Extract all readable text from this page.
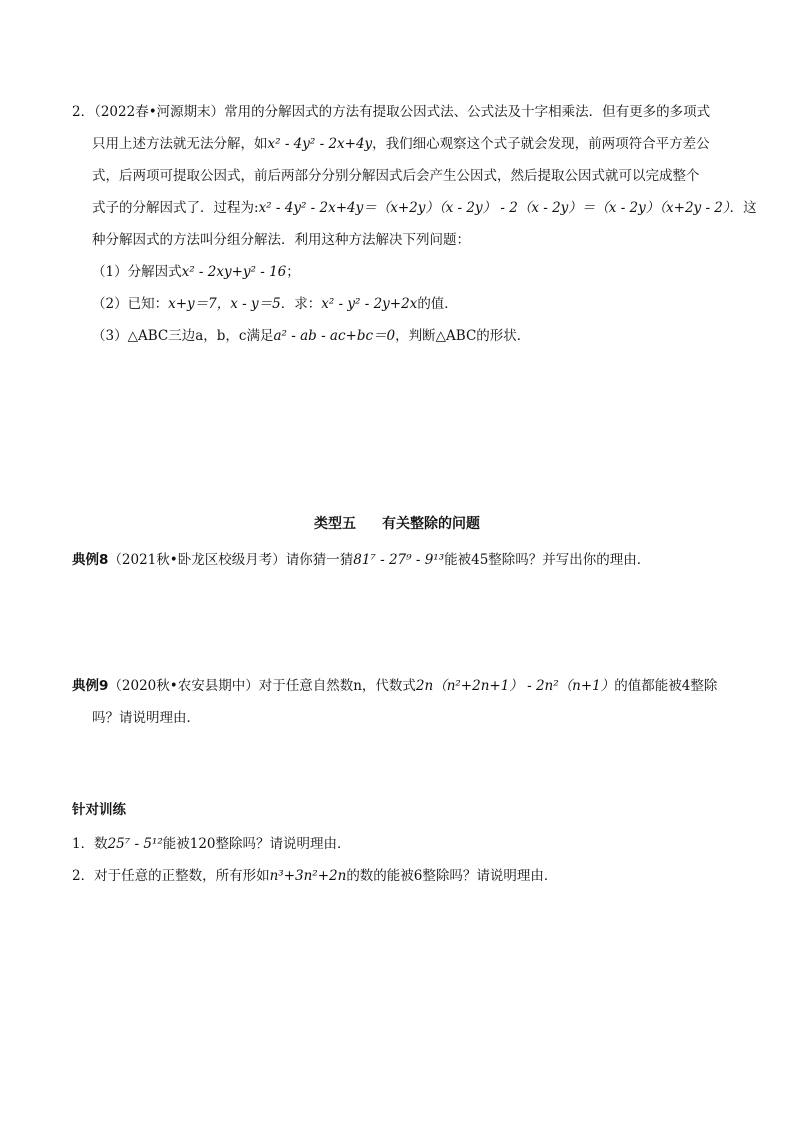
2．（2022春•河源期末）常用的分解因式的方法有提取公因式法、公式法及十字相乘法．但有更多的多项式
只用上述方法就无法分解，如x² - 4y² - 2x+4y，我们细心观察这个式子就会发现，前两项符合平方差公
式，后两项可提取公因式，前后两部分分别分解因式后会产生公因式，然后提取公因式就可以完成整个
式子的分解因式了．过程为:x² - 4y² - 2x+4y＝（x+2y）（x - 2y） - 2（x - 2y）＝（x - 2y）（x+2y - 2）．这
种分解因式的方法叫分组分解法．利用这种方法解决下列问题：
（1）分解因式x² - 2xy+y² - 16；
（2）已知：x+y＝7，x - y＝5．求：x² - y² - 2y+2x的值．
（3）△ABC三边a，b，c满足a² - ab - ac+bc＝0，判断△ABC的形状．
类型五 有关整除的问题
典例8（2021秋•卧龙区校级月考）请你猜一猜81⁷ - 27⁹ - 9¹³能被45整除吗？并写出你的理由．
典例9（2020秋•农安县期中）对于任意自然数n，代数式2n（n²+2n+1） - 2n²（n+1）的值都能被4整除
吗？请说明理由．
针对训练
1．数25⁷ - 5¹²能被120整除吗？请说明理由．
2．对于任意的正整数，所有形如n³+3n²+2n的数的能被6整除吗？请说明理由．
